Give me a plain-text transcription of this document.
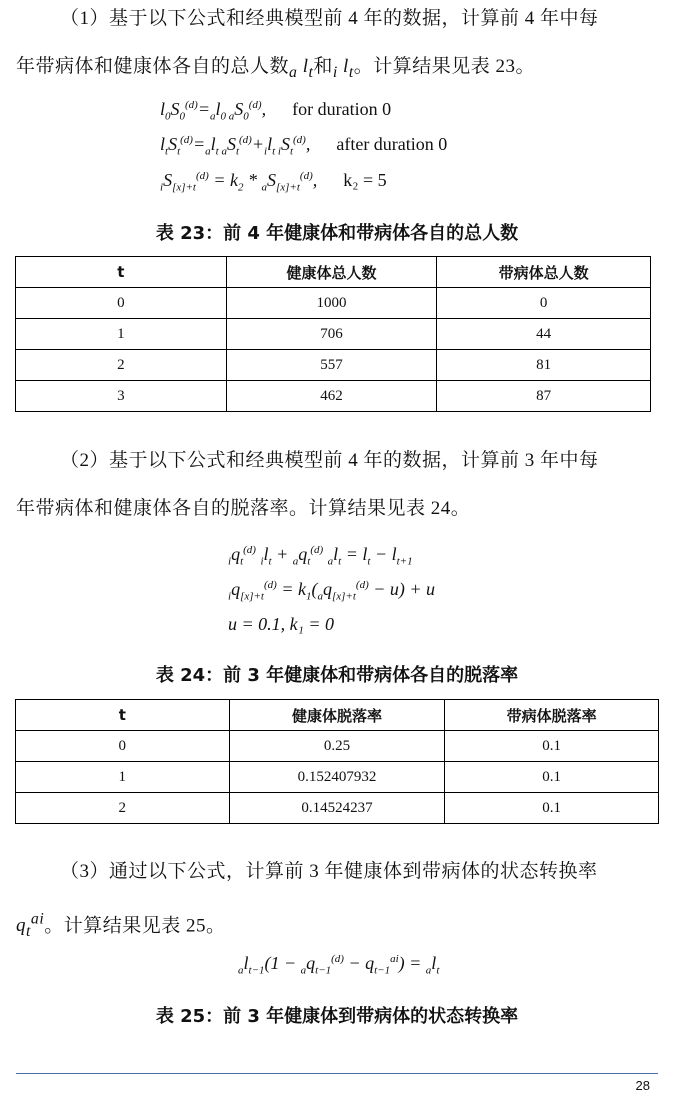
（1）基于以下公式和经典模型前 4 年的数据，计算前 4 年中每
年带病体和健康体各自的总人数$_a$ $l_t$和$_i$ $l_t$。计算结果见表 23。
$l_0S_0^{(d)}=_al_{0 a}S_0^{(d)}$, for duration 0
$l_tS_t^{(d)}=_al_{t a}S_t^{(d)}+_il_{t i}S_t^{(d)}$, after duration 0
$_iS_{[x]+t}^{(d)} = k_2 * _aS_{[x]+t}^{(d)}$, k₂ = 5
表 23：前 4 年健康体和带病体各自的总人数
t	健康体总人数	带病体总人数
0	1000	0
1	706	44
2	557	81
3	462	87
（2）基于以下公式和经典模型前 4 年的数据，计算前 3 年中每
年带病体和健康体各自的脱落率。计算结果见表 24。
$_iq_t^{(d)}$ $_il_t + _aq_t^{(d)}$ $_al_t = l_t - l_{t+1}$
$_iq_{[x]+t}^{(d)} = k_1(_aq_{[x]+t}^{(d)} - u) + u$
u = 0.1, k₁ = 0
表 24：前 3 年健康体和带病体各自的脱落率
t	健康体脱落率	带病体脱落率
0	0.25	0.1
1	0.152407932	0.1
2	0.14524237	0.1
（3）通过以下公式，计算前 3 年健康体到带病体的状态转换率
$q_t^{ai}$。计算结果见表 25。
$_al_{t-1}(1 - _aq_{t-1}^{(d)} - q_{t-1}^{ai}) = _al_t$
表 25：前 3 年健康体到带病体的状态转换率
28
